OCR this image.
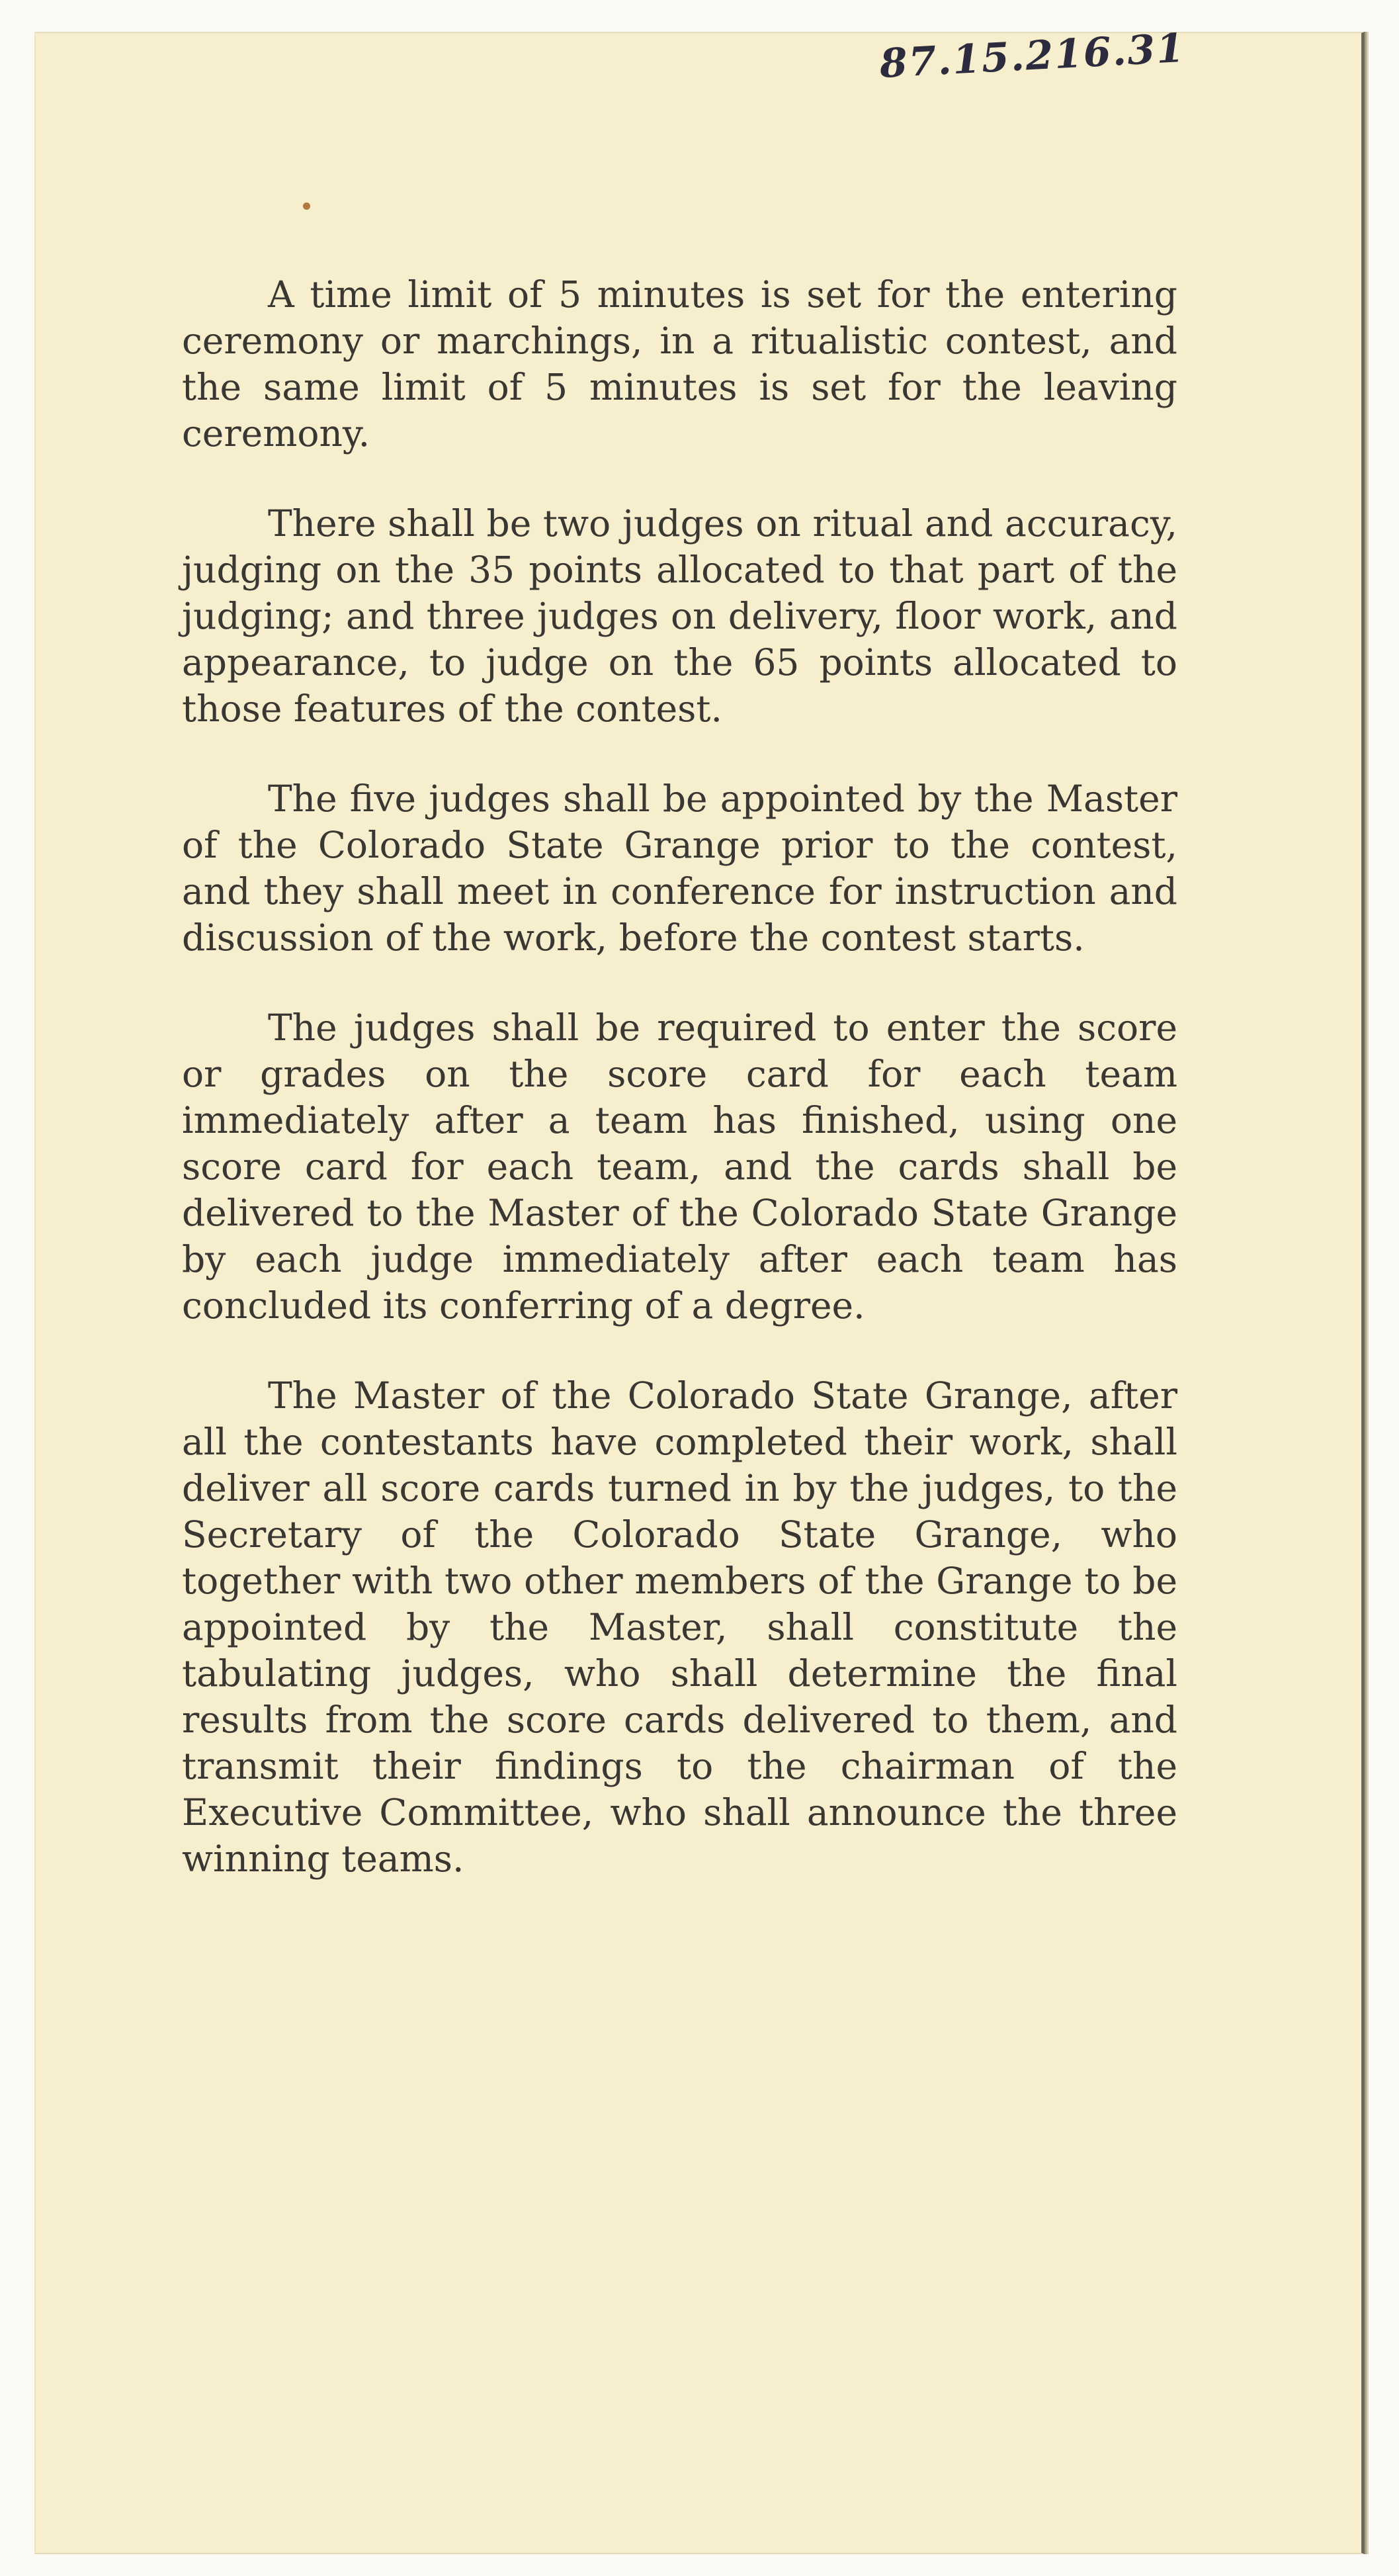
87.15.216.31

A time limit of 5 minutes is set for the entering ceremony or marchings, in a ritualistic contest, and the same limit of 5 minutes is set for the leaving ceremony.

There shall be two judges on ritual and accuracy, judging on the 35 points allocated to that part of the judging; and three judges on delivery, floor work, and appearance, to judge on the 65 points allocated to those features of the contest.

The five judges shall be appointed by the Master of the Colorado State Grange prior to the contest, and they shall meet in conference for instruction and discussion of the work, before the contest starts.

The judges shall be required to enter the score or grades on the score card for each team immediately after a team has finished, using one score card for each team, and the cards shall be delivered to the Master of the Colorado State Grange by each judge immediately after each team has concluded its conferring of a degree.

The Master of the Colorado State Grange, after all the contestants have completed their work, shall deliver all score cards turned in by the judges, to the Secretary of the Colorado State Grange, who together with two other members of the Grange to be appointed by the Master, shall constitute the tabulating judges, who shall determine the final results from the score cards delivered to them, and transmit their findings to the chairman of the Executive Committee, who shall announce the three winning teams.
